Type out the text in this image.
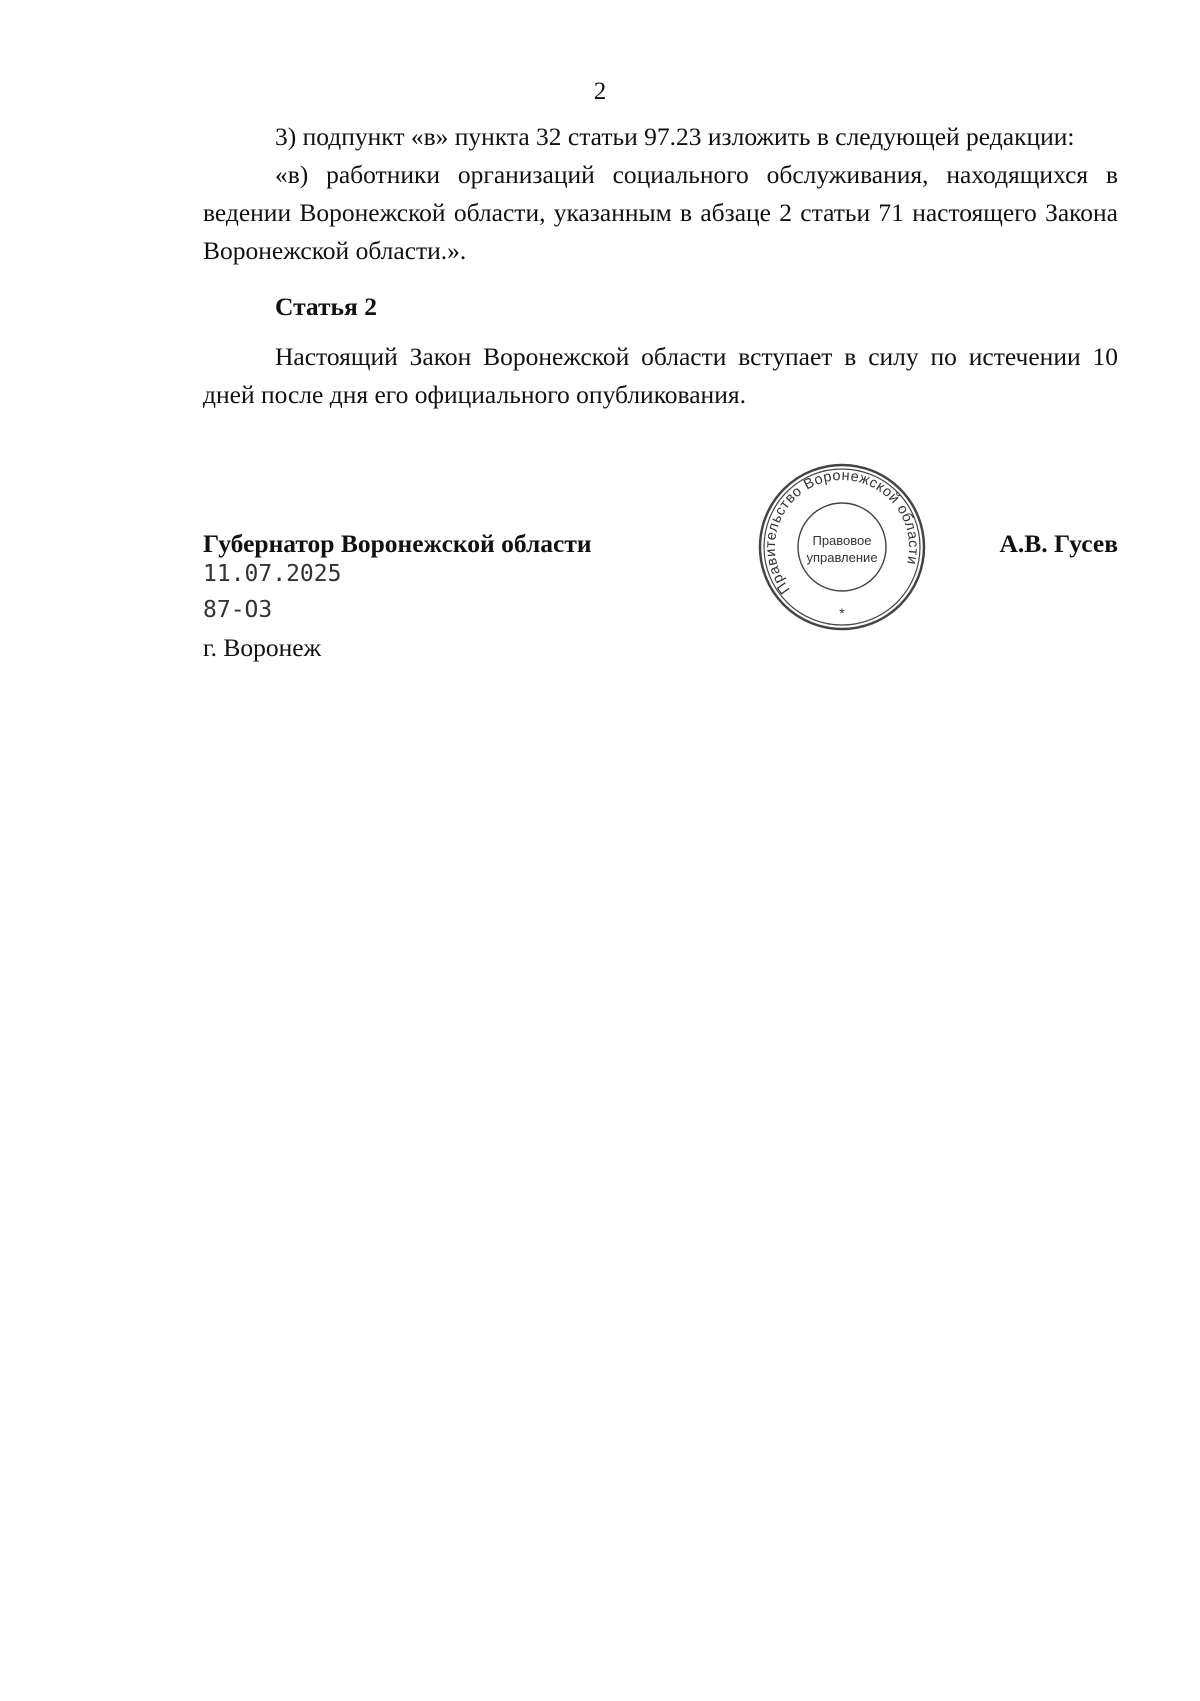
2

3) подпункт «в» пункта 32 статьи 97.23 изложить в следующей редакции:

«в) работники организаций социального обслуживания, находящихся в ведении Воронежской области, указанным в абзаце 2 статьи 71 настоящего Закона Воронежской области.».

Статья 2

Настоящий Закон Воронежской области вступает в силу по истечении 10 дней после дня его официального опубликования.

Губернатор Воронежской области	А.В. Гусев
11.07.2025
87-ОЗ
г. Воронеж
Правительство Воронежской области
Правовое
управление
*
